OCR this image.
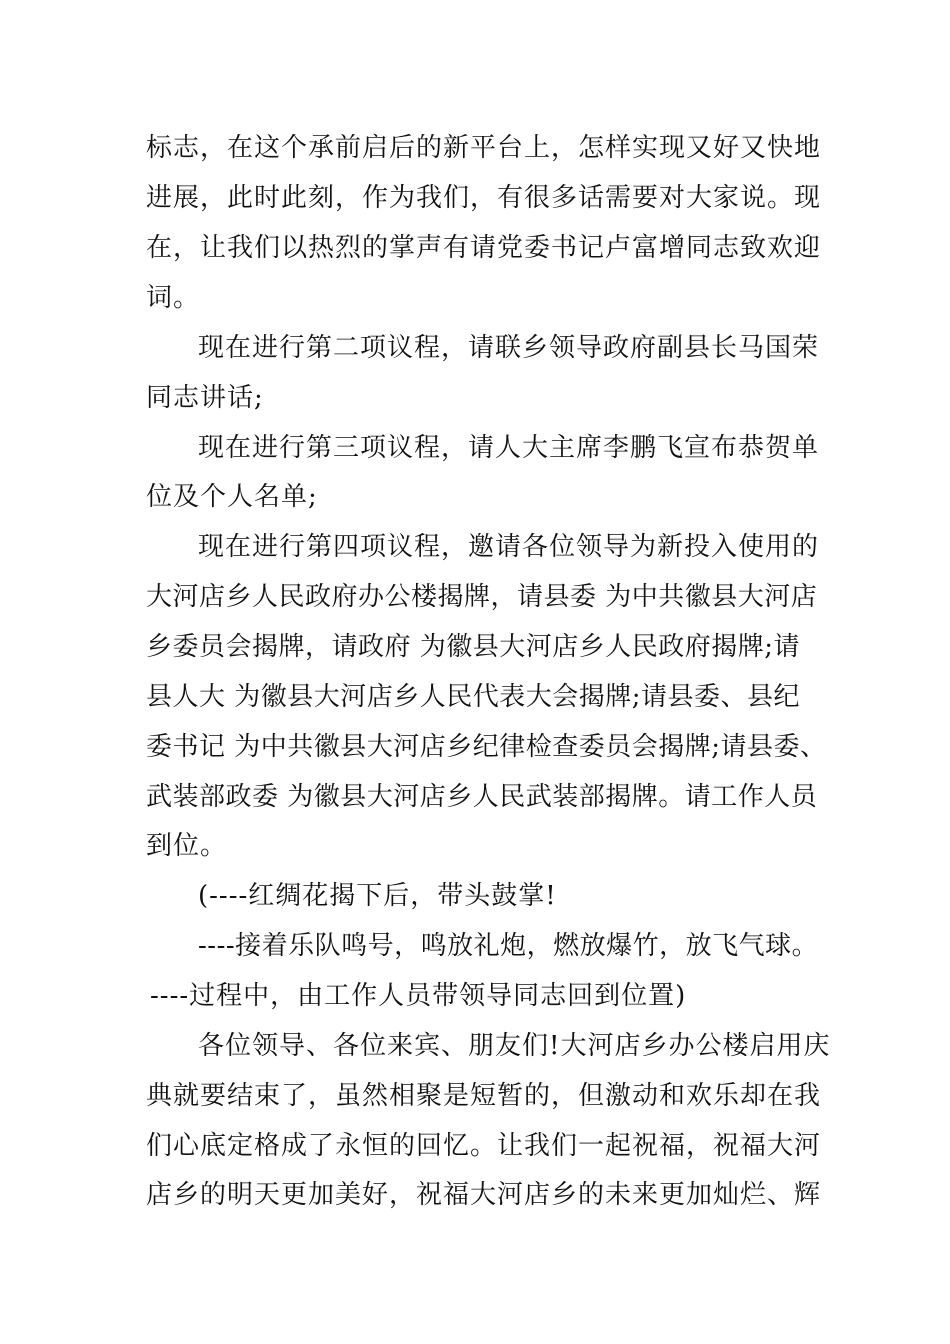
标志，在这个承前启后的新平台上，怎样实现又好又快地
进展，此时此刻，作为我们，有很多话需要对大家说。现
在，让我们以热烈的掌声有请党委书记卢富增同志致欢迎
词。
现在进行第二项议程，请联乡领导政府副县长马国荣
同志讲话;
现在进行第三项议程，请人大主席李鹏飞宣布恭贺单
位及个人名单;
现在进行第四项议程，邀请各位领导为新投入使用的
大河店乡人民政府办公楼揭牌，请县委 为中共徽县大河店
乡委员会揭牌，请政府 为徽县大河店乡人民政府揭牌;请
县人大 为徽县大河店乡人民代表大会揭牌;请县委、县纪
委书记 为中共徽县大河店乡纪律检查委员会揭牌;请县委、
武装部政委 为徽县大河店乡人民武装部揭牌。请工作人员
到位。
(----红绸花揭下后，带头鼓掌!
----接着乐队鸣号，鸣放礼炮，燃放爆竹，放飞气球。
----过程中，由工作人员带领导同志回到位置)
各位领导、各位来宾、朋友们!大河店乡办公楼启用庆
典就要结束了，虽然相聚是短暂的，但激动和欢乐却在我
们心底定格成了永恒的回忆。让我们一起祝福，祝福大河
店乡的明天更加美好，祝福大河店乡的未来更加灿烂、辉
